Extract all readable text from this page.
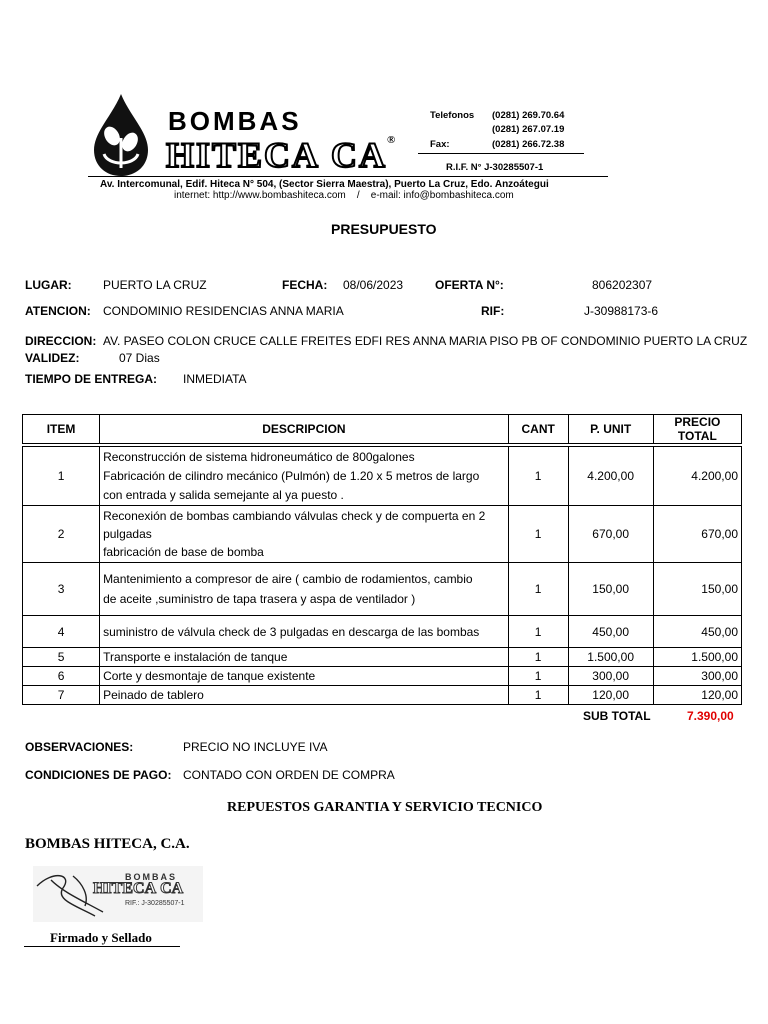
BOMBAS
HITECA CA®
Telefonos (0281) 269.70.64
(0281) 267.07.19
Fax:	(0281) 266.72.38
R.I.F. N° J-30285507-1
Av. Intercomunal, Edif. Hiteca N° 504, (Sector Sierra Maestra), Puerto La Cruz, Edo. Anzoátegui
internet: http://www.bombashiteca.com    /    e-mail: info@bombashiteca.com
PRESUPUESTO
LUGAR:	PUERTO LA CRUZ	FECHA: 08/06/2023	OFERTA N°:	806202307
ATENCION: CONDOMINIO RESIDENCIAS ANNA MARIA	RIF:	J-30988173-6
DIRECCION: AV. PASEO COLON CRUCE CALLE FREITES EDFI RES ANNA MARIA PISO PB OF CONDOMINIO PUERTO LA CRUZ
VALIDEZ:	07 Dias
TIEMPO DE ENTREGA: INMEDIATA
ITEM	DESCRIPCION	CANT	P. UNIT	PRECIO TOTAL
1	Reconstrucción de sistema hidroneumático de 800galones
Fabricación de cilindro mecánico (Pulmón) de 1.20 x 5 metros de largo
con entrada y salida semejante al ya puesto .	1	4.200,00	4.200,00
2	Reconexión de bombas cambiando válvulas check y de compuerta en 2
pulgadas
fabricación de base de bomba	1	670,00	670,00
3	Mantenimiento a compresor de aire ( cambio de rodamientos, cambio
de aceite ,suministro de tapa trasera y aspa de ventilador )	1	150,00	150,00
4	suministro de válvula check de 3 pulgadas en descarga de las bombas	1	450,00	450,00
5	Transporte e instalación de tanque	1	1.500,00	1.500,00
6	Corte y desmontaje de tanque existente	1	300,00	300,00
7	Peinado de tablero	1	120,00	120,00
SUB TOTAL	7.390,00
OBSERVACIONES:	PRECIO NO INCLUYE IVA
CONDICIONES DE PAGO: CONTADO CON ORDEN DE COMPRA
REPUESTOS GARANTIA Y SERVICIO TECNICO
BOMBAS HITECA, C.A.
BOMBAS
HITECA CA
RIF.: J-30285507-1
Firmado y Sellado
